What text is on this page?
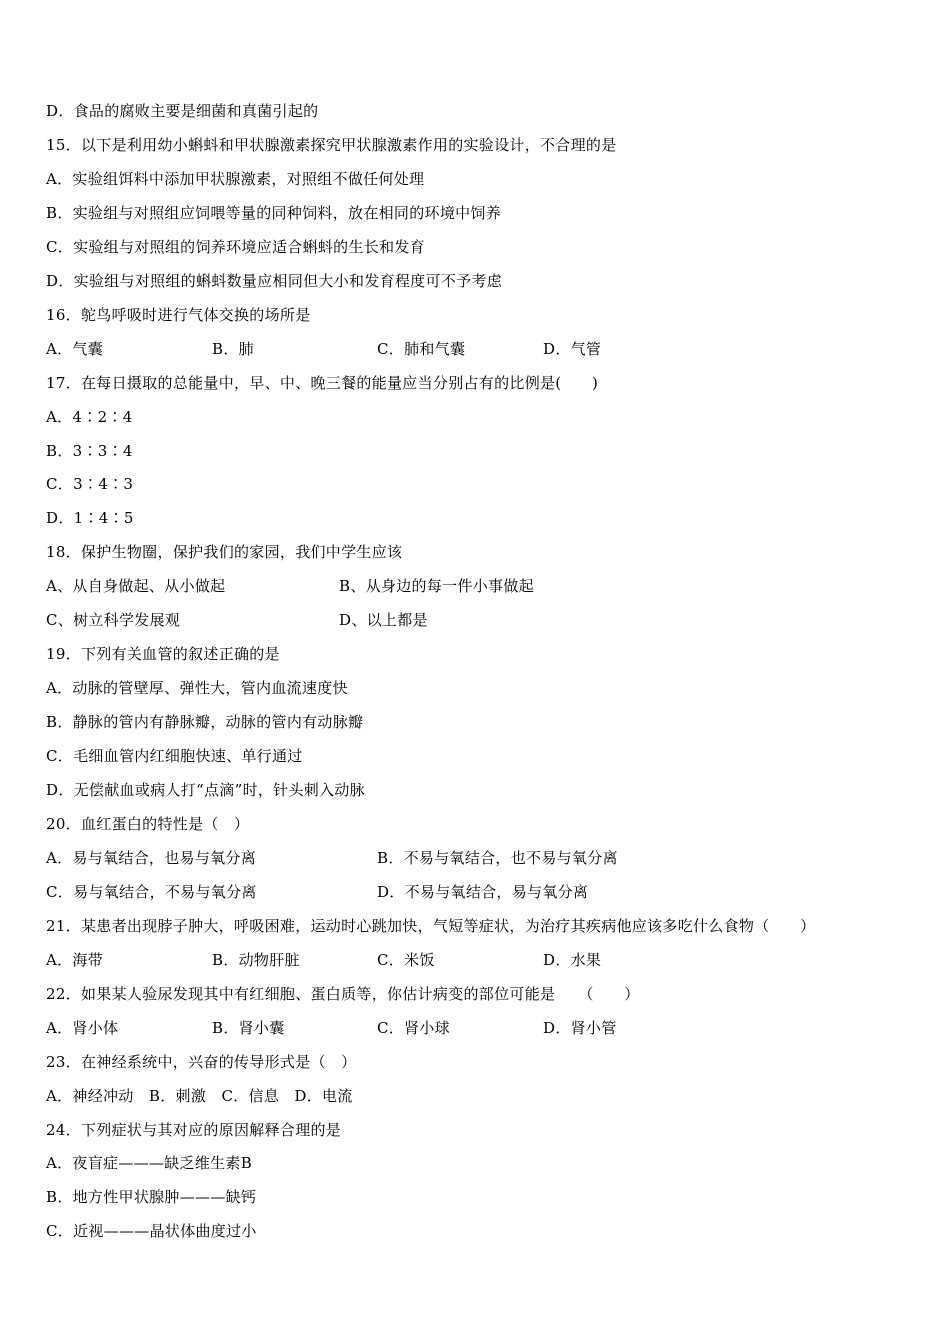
D．食品的腐败主要是细菌和真菌引起的
15．以下是利用幼小蝌蚪和甲状腺激素探究甲状腺激素作用的实验设计，不合理的是
A．实验组饵料中添加甲状腺激素，对照组不做任何处理
B．实验组与对照组应饲喂等量的同种饲料，放在相同的环境中饲养
C．实验组与对照组的饲养环境应适合蝌蚪的生长和发育
D．实验组与对照组的蝌蚪数量应相同但大小和发育程度可不予考虑
16．鸵鸟呼吸时进行气体交换的场所是
A．气囊	B．肺	C．肺和气囊	D．气管
17．在每日摄取的总能量中，早、中、晚三餐的能量应当分别占有的比例是(　　)
A．4∶2∶4
B．3∶3∶4
C．3∶4∶3
D．1∶4∶5
18．保护生物圈，保护我们的家园，我们中学生应该
A、从自身做起、从小做起	B、从身边的每一件小事做起
C、树立科学发展观	D、以上都是
19．下列有关血管的叙述正确的是
A．动脉的管壁厚、弹性大，管内血流速度快
B．静脉的管内有静脉瓣，动脉的管内有动脉瓣
C．毛细血管内红细胞快速、单行通过
D．无偿献血或病人打“点滴”时，针头刺入动脉
20．血红蛋白的特性是（　）
A．易与氧结合，也易与氧分离	B．不易与氧结合，也不易与氧分离
C．易与氧结合，不易与氧分离	D．不易与氧结合，易与氧分离
21．某患者出现脖子肿大，呼吸困难，运动时心跳加快，气短等症状，为治疗其疾病他应该多吃什么食物（　　）
A．海带	B．动物肝脏	C．米饭	D．水果
22．如果某人验尿发现其中有红细胞、蛋白质等，你估计病变的部位可能是　　（　　）
A．肾小体	B．肾小囊	C．肾小球	D．肾小管
23．在神经系统中，兴奋的传导形式是（　）
A．神经冲动　B．刺激　C．信息　D．电流
24．下列症状与其对应的原因解释合理的是
A．夜盲症———缺乏维生素B
B．地方性甲状腺肿———缺钙
C．近视———晶状体曲度过小
